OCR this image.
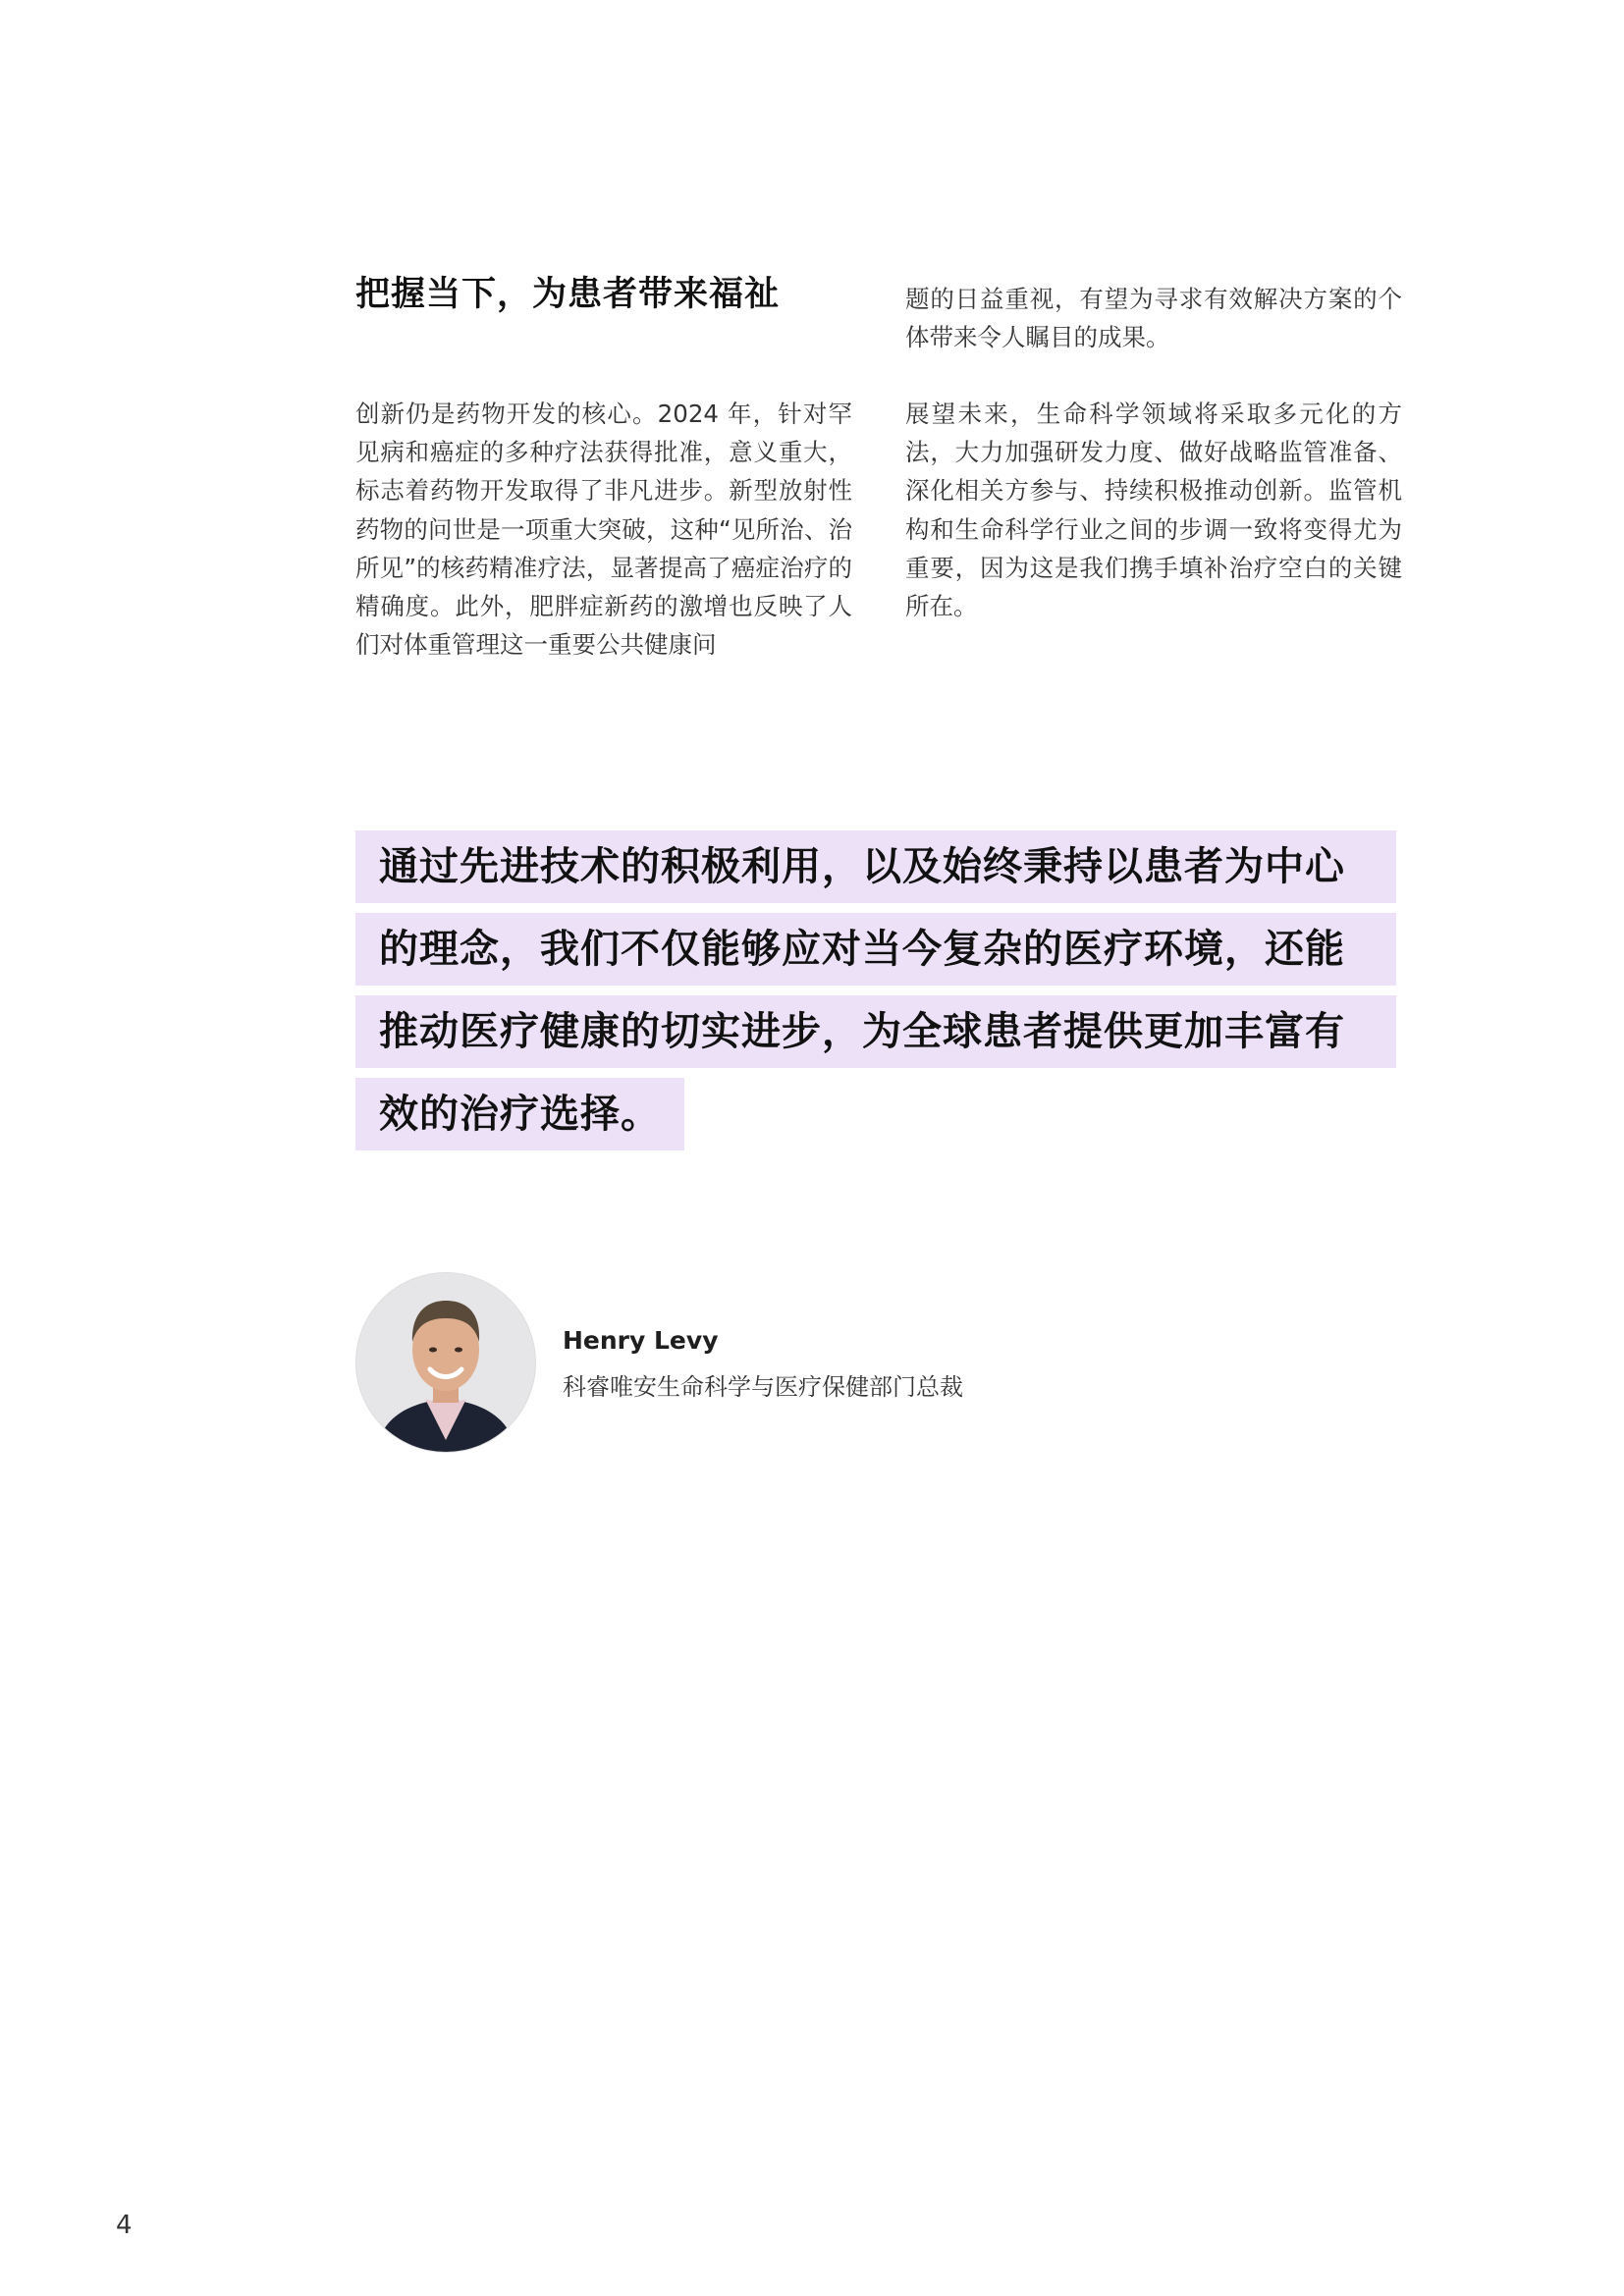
把握当下，为患者带来福祉

创新仍是药物开发的核心。2024 年，针对罕见病和癌症的多种疗法获得批准，意义重大，标志着药物开发取得了非凡进步。新型放射性药物的问世是一项重大突破，这种“见所治、治所见”的核药精准疗法，显著提高了癌症治疗的精确度。此外，肥胖症新药的激增也反映了人们对体重管理这一重要公共健康问

题的日益重视，有望为寻求有效解决方案的个体带来令人瞩目的成果。

展望未来，生命科学领域将采取多元化的方法，大力加强研发力度、做好战略监管准备、深化相关方参与、持续积极推动创新。监管机构和生命科学行业之间的步调一致将变得尤为重要，因为这是我们携手填补治疗空白的关键所在。

通过先进技术的积极利用，以及始终秉持以患者为中心
的理念，我们不仅能够应对当今复杂的医疗环境，还能
推动医疗健康的切实进步，为全球患者提供更加丰富有
效的治疗选择。

Henry Levy

科睿唯安生命科学与医疗保健部门总裁

4
